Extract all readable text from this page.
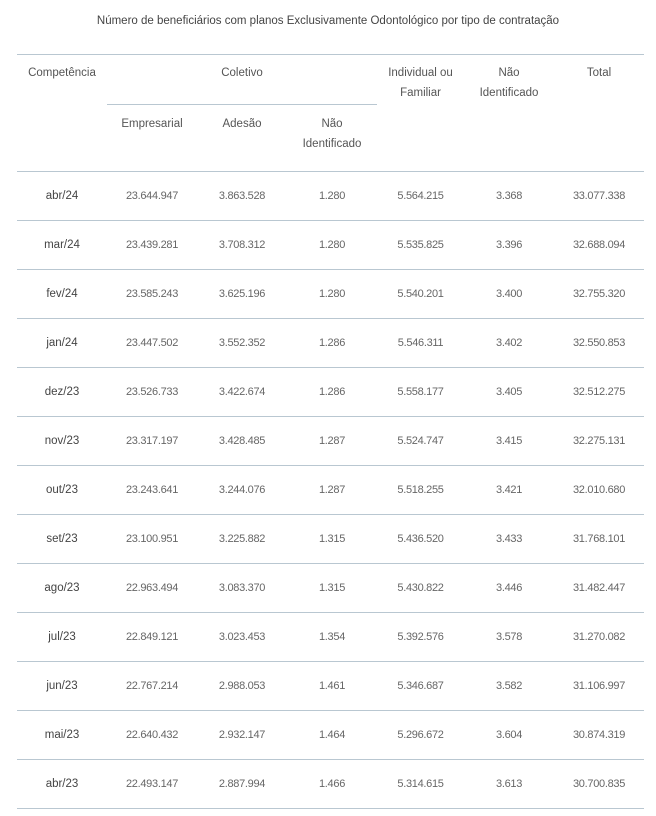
Número de beneficiários com planos Exclusivamente Odontológico por tipo de contratação
Competência	Coletivo			Individual ou Familiar	Não Identificado	Total
	Empresarial	Adesão	Não Identificado			
abr/24	23.644.947	3.863.528	1.280	5.564.215	3.368	33.077.338
mar/24	23.439.281	3.708.312	1.280	5.535.825	3.396	32.688.094
fev/24	23.585.243	3.625.196	1.280	5.540.201	3.400	32.755.320
jan/24	23.447.502	3.552.352	1.286	5.546.311	3.402	32.550.853
dez/23	23.526.733	3.422.674	1.286	5.558.177	3.405	32.512.275
nov/23	23.317.197	3.428.485	1.287	5.524.747	3.415	32.275.131
out/23	23.243.641	3.244.076	1.287	5.518.255	3.421	32.010.680
set/23	23.100.951	3.225.882	1.315	5.436.520	3.433	31.768.101
ago/23	22.963.494	3.083.370	1.315	5.430.822	3.446	31.482.447
jul/23	22.849.121	3.023.453	1.354	5.392.576	3.578	31.270.082
jun/23	22.767.214	2.988.053	1.461	5.346.687	3.582	31.106.997
mai/23	22.640.432	2.932.147	1.464	5.296.672	3.604	30.874.319
abr/23	22.493.147	2.887.994	1.466	5.314.615	3.613	30.700.835
